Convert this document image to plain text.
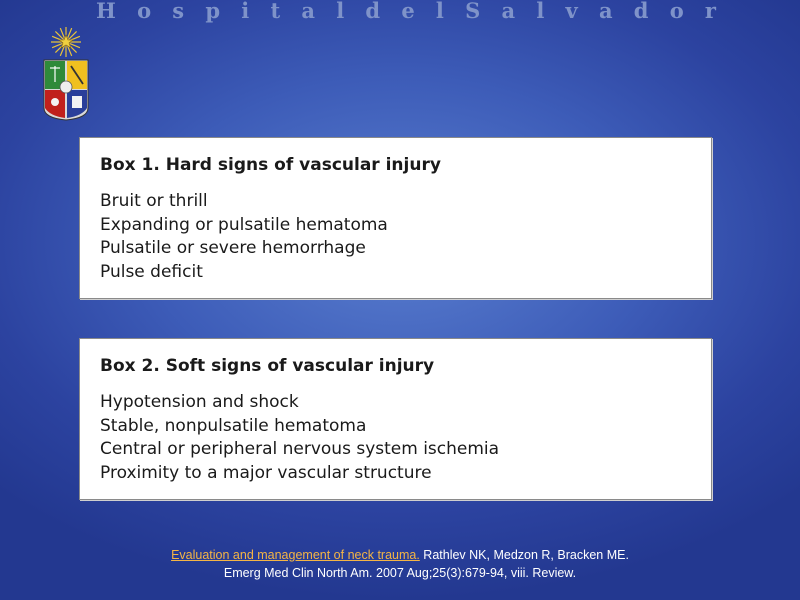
H o s p i t a l d e l S a l v a d o r
Box 1. Hard signs of vascular injury
Bruit or thrill
Expanding or pulsatile hematoma
Pulsatile or severe hemorrhage
Pulse deficit
Box 2. Soft signs of vascular injury
Hypotension and shock
Stable, nonpulsatile hematoma
Central or peripheral nervous system ischemia
Proximity to a major vascular structure
Evaluation and management of neck trauma. Rathlev NK, Medzon R, Bracken ME.
Emerg Med Clin North Am. 2007 Aug;25(3):679-94, viii. Review.
